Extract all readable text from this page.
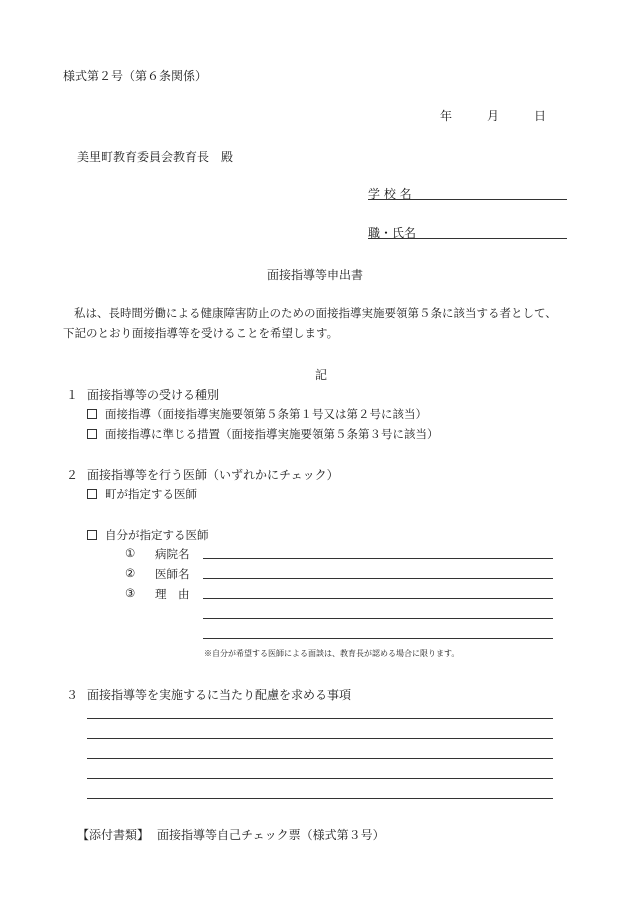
様式第２号（第６条関係）
年	月	日
美里町教育委員会教育長　殿
学 校 名
職・氏名
面接指導等申出書
私は、長時間労働による健康障害防止のための面接指導実施要領第５条に該当する者として、
下記のとおり面接指導等を受けることを希望します。
記
１ 面接指導等の受ける種別
面接指導（面接指導実施要領第５条第１号又は第２号に該当）
面接指導に準じる措置（面接指導実施要領第５条第３号に該当）
２ 面接指導等を行う医師（いずれかにチェック）
町が指定する医師
自分が指定する医師
① 病院名
② 医師名
③ 理　由
※自分が希望する医師による面談は、教育長が認める場合に限ります。
３ 面接指導等を実施するに当たり配慮を求める事項
【添付書類】 面接指導等自己チェック票（様式第３号）
